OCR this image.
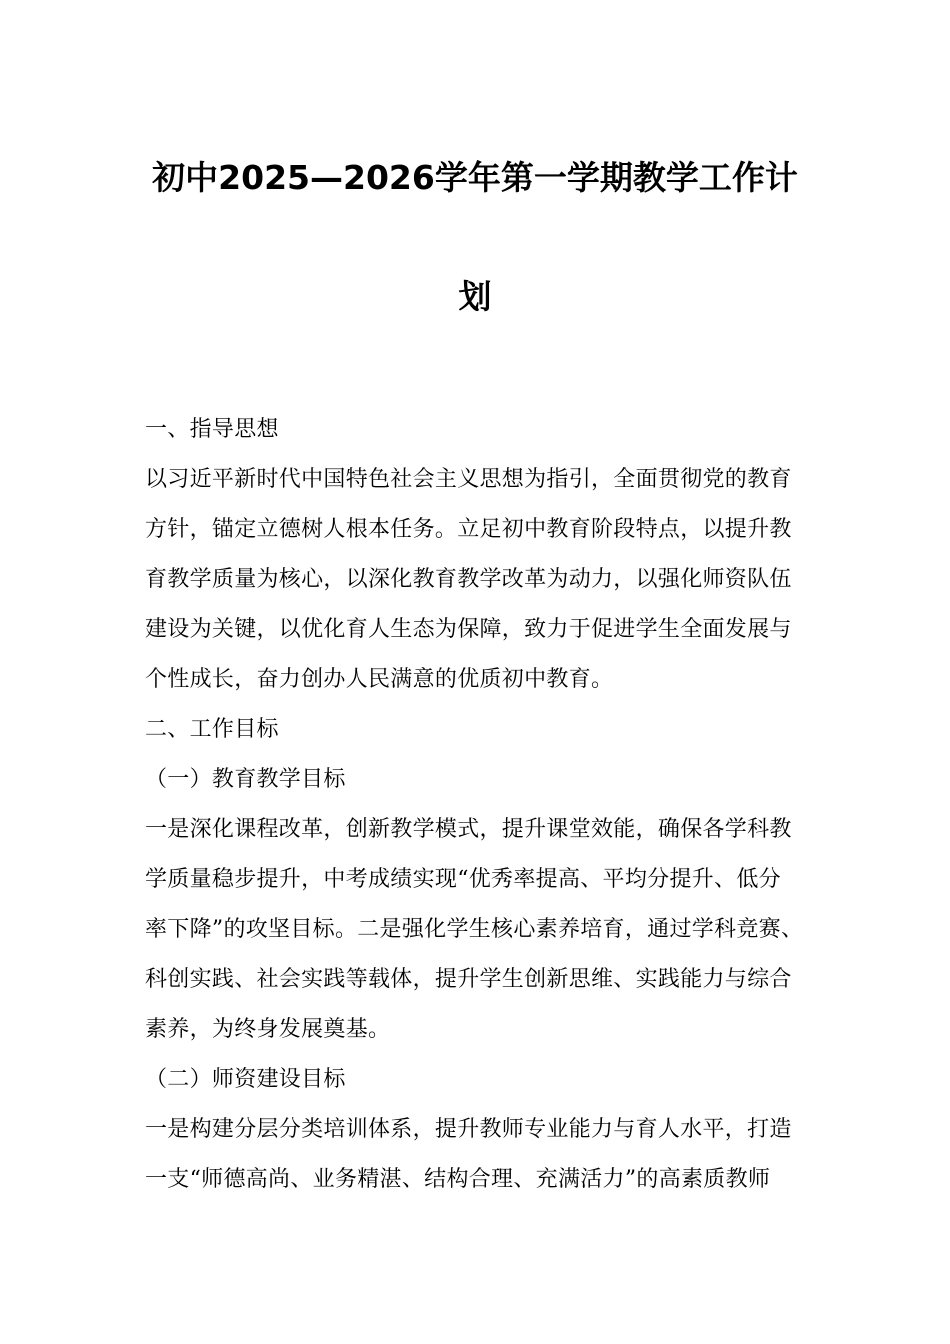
初中2025—2026学年第一学期教学工作计
划
一、指导思想
以习近平新时代中国特色社会主义思想为指引，全面贯彻党的教育
方针，锚定立德树人根本任务。立足初中教育阶段特点，以提升教
育教学质量为核心，以深化教育教学改革为动力，以强化师资队伍
建设为关键，以优化育人生态为保障，致力于促进学生全面发展与
个性成长，奋力创办人民满意的优质初中教育。
二、工作目标
（一）教育教学目标
一是深化课程改革，创新教学模式，提升课堂效能，确保各学科教
学质量稳步提升，中考成绩实现“优秀率提高、平均分提升、低分
率下降”的攻坚目标。二是强化学生核心素养培育，通过学科竞赛、
科创实践、社会实践等载体，提升学生创新思维、实践能力与综合
素养，为终身发展奠基。
（二）师资建设目标
一是构建分层分类培训体系，提升教师专业能力与育人水平，打造
一支“师德高尚、业务精湛、结构合理、充满活力”的高素质教师
